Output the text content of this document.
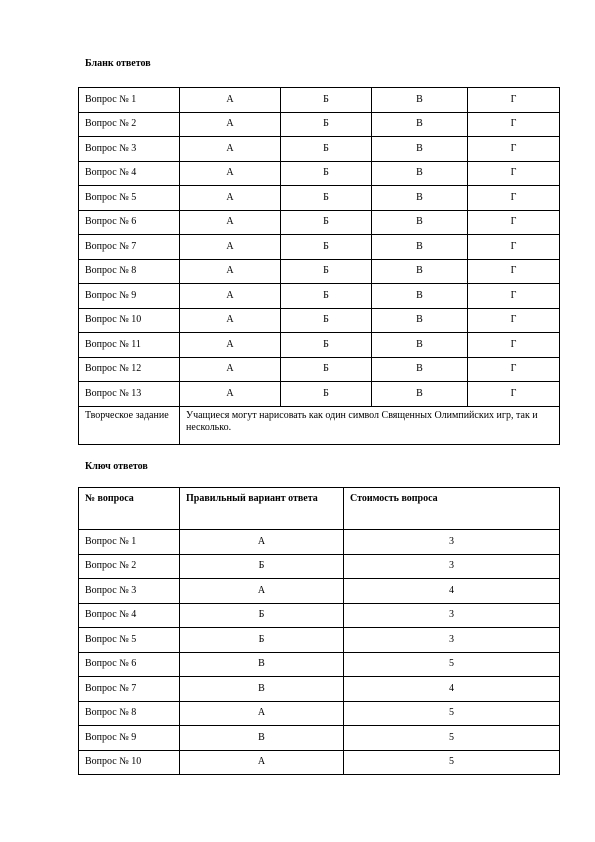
Бланк ответов
Вопрос № 1	А	Б	В	Г
Вопрос № 2	А	Б	В	Г
Вопрос № 3	А	Б	В	Г
Вопрос № 4	А	Б	В	Г
Вопрос № 5	А	Б	В	Г
Вопрос № 6	А	Б	В	Г
Вопрос № 7	А	Б	В	Г
Вопрос № 8	А	Б	В	Г
Вопрос № 9	А	Б	В	Г
Вопрос № 10	А	Б	В	Г
Вопрос № 11	А	Б	В	Г
Вопрос № 12	А	Б	В	Г
Вопрос № 13	А	Б	В	Г
Творческое задание	Учащиеся могут нарисовать как один символ Священных Олимпийских игр, так и несколько.			
Ключ ответов
№ вопроса	Правильный вариант ответа	Стоимость вопроса
Вопрос № 1	А	3
Вопрос № 2	Б	3
Вопрос № 3	А	4
Вопрос № 4	Б	3
Вопрос № 5	Б	3
Вопрос № 6	В	5
Вопрос № 7	В	4
Вопрос № 8	А	5
Вопрос № 9	В	5
Вопрос № 10	А	5
